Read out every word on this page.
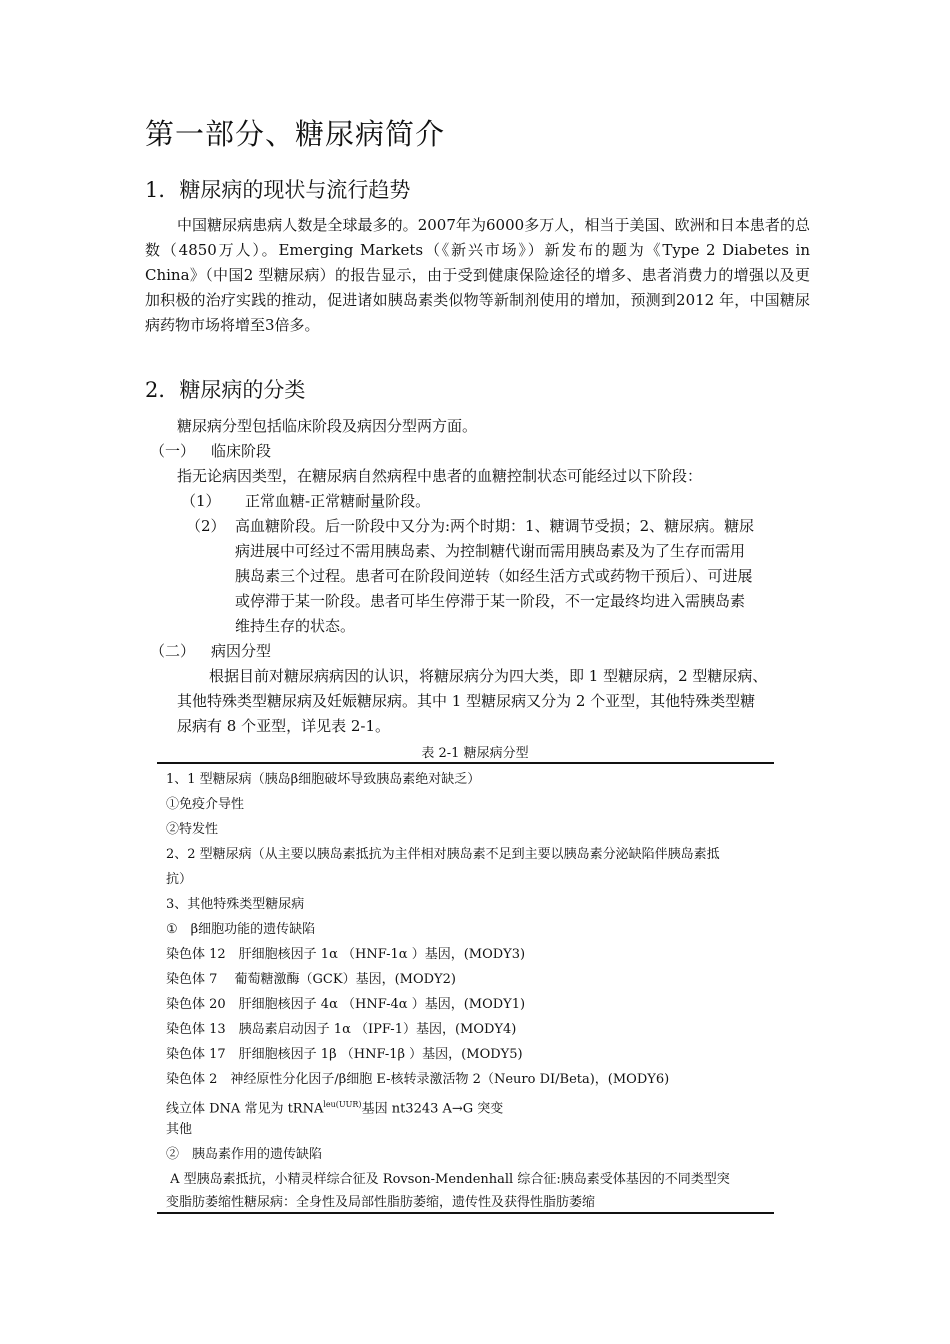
第一部分、糖尿病简介
1．糖尿病的现状与流行趋势
中国糖尿病患病人数是全球最多的。2007年为6000多万人，相当于美国、欧洲和日本患者的总数（4850万人）。Emerging Markets（《新兴市场》）新发布的题为《Type 2 Diabetes in China》（中国2 型糖尿病）的报告显示，由于受到健康保险途径的增多、患者消费力的增强以及更加积极的治疗实践的推动，促进诸如胰岛素类似物等新制剂使用的增加，预测到2012 年，中国糖尿病药物市场将增至3倍多。
2．糖尿病的分类
糖尿病分型包括临床阶段及病因分型两方面。
（一） 临床阶段
指无论病因类型，在糖尿病自然病程中患者的血糖控制状态可能经过以下阶段：
（1） 正常血糖-正常糖耐量阶段。
（2） 高血糖阶段。后一阶段中又分为:两个时期：1、糖调节受损；2、糖尿病。糖尿
病进展中可经过不需用胰岛素、为控制糖代谢而需用胰岛素及为了生存而需用
胰岛素三个过程。患者可在阶段间逆转（如经生活方式或药物干预后）、可进展
或停滞于某一阶段。患者可毕生停滞于某一阶段，不一定最终均进入需胰岛素
维持生存的状态。
（二） 病因分型
根据目前对糖尿病病因的认识，将糖尿病分为四大类，即 1 型糖尿病，2 型糖尿病、
其他特殊类型糖尿病及妊娠糖尿病。其中 1 型糖尿病又分为 2 个亚型，其他特殊类型糖
尿病有 8 个亚型，详见表 2-1。
表 2-1 糖尿病分型
1、1 型糖尿病（胰岛β细胞破坏导致胰岛素绝对缺乏）
①免疫介导性
②特发性
2、2 型糖尿病（从主要以胰岛素抵抗为主伴相对胰岛素不足到主要以胰岛素分泌缺陷伴胰岛素抵
抗）
3、其他特殊类型糖尿病
①　β细胞功能的遗传缺陷
染色体 12　肝细胞核因子 1α （HNF-1α ）基因，(MODY3)
染色体 7　 葡萄糖激酶（GCK）基因，(MODY2)
染色体 20　肝细胞核因子 4α （HNF-4α ）基因，(MODY1)
染色体 13　胰岛素启动因子 1α （IPF-1）基因，(MODY4)
染色体 17　肝细胞核因子 1β （HNF-1β ）基因，(MODY5)
染色体 2　神经原性分化因子/β细胞 E-核转录激活物 2（Neuro DI/Beta)，(MODY6)
线立体 DNA 常见为 tRNA$^{leu(UUR)}$基因 nt3243 A→G 突变
其他
②　胰岛素作用的遗传缺陷
A 型胰岛素抵抗，小精灵样综合征及 Rovson-Mendenhall 综合征:胰岛素受体基因的不同类型突
变脂肪萎缩性糖尿病：全身性及局部性脂肪萎缩，遗传性及获得性脂肪萎缩
